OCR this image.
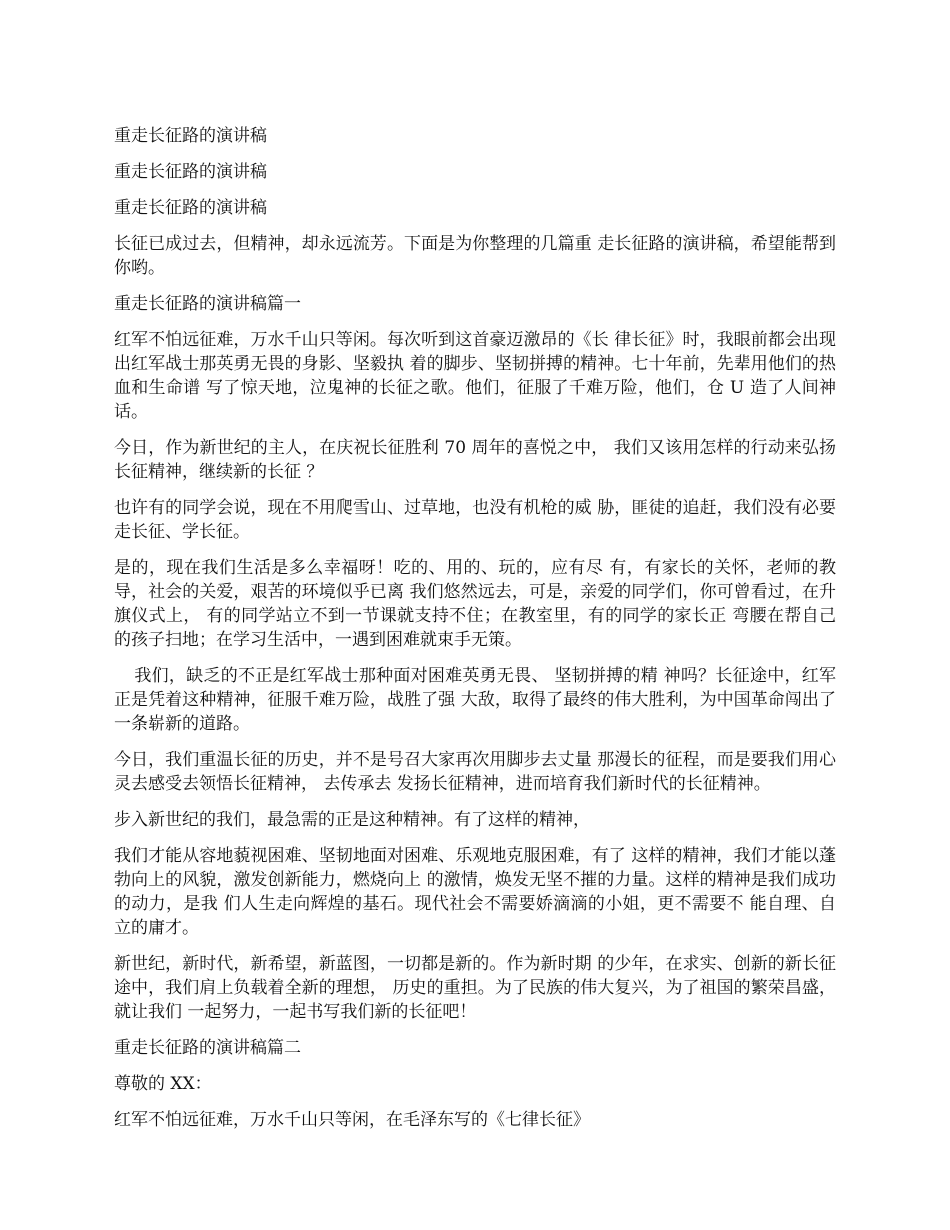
重走长征路的演讲稿

重走长征路的演讲稿

重走长征路的演讲稿

长征已成过去，但精神，却永远流芳。下面是为你整理的几篇重 走长征路的演讲稿，希望能帮到你哟。

重走长征路的演讲稿篇一

红军不怕远征难，万水千山只等闲。每次听到这首豪迈激昂的《长 律长征》时，我眼前都会出现出红军战士那英勇无畏的身影、坚毅执 着的脚步、坚韧拼搏的精神。七十年前，先辈用他们的热血和生命谱 写了惊天地，泣鬼神的长征之歌。他们，征服了千难万险，他们，仓 U 造了人间神话。

今日，作为新世纪的主人，在庆祝长征胜利 70 周年的喜悦之中， 我们又该用怎样的行动来弘扬长征精神，继续新的长征 ？

也许有的同学会说，现在不用爬雪山、过草地，也没有机枪的威 胁，匪徒的追赶，我们没有必要走长征、学长征。

是的，现在我们生活是多么幸福呀！吃的、用的、玩的，应有尽 有，有家长的关怀，老师的教导，社会的关爱，艰苦的环境似乎已离 我们悠然远去，可是，亲爱的同学们，你可曾看过，在升旗仪式上， 有的同学站立不到一节课就支持不住；在教室里，有的同学的家长正 弯腰在帮自己的孩子扫地；在学习生活中，一遇到困难就束手无策。

我们，缺乏的不正是红军战士那种面对困难英勇无畏、 坚韧拼搏的精 神吗？长征途中，红军正是凭着这种精神，征服千难万险，战胜了强 大敌，取得了最终的伟大胜利，为中国革命闯出了一条崭新的道路。

今日，我们重温长征的历史，并不是号召大家再次用脚步去丈量 那漫长的征程，而是要我们用心灵去感受去领悟长征精神， 去传承去 发扬长征精神，进而培育我们新时代的长征精神。

步入新世纪的我们，最急需的正是这种精神。有了这样的精神，

我们才能从容地藐视困难、坚韧地面对困难、乐观地克服困难，有了 这样的精神，我们才能以蓬勃向上的风貌，激发创新能力，燃烧向上 的激情，焕发无坚不摧的力量。这样的精神是我们成功的动力，是我 们人生走向辉煌的基石。现代社会不需要娇滴滴的小姐，更不需要不 能自理、自立的庸才。

新世纪，新时代，新希望，新蓝图，一切都是新的。作为新时期 的少年，在求实、创新的新长征途中，我们肩上负载着全新的理想， 历史的重担。为了民族的伟大复兴，为了祖国的繁荣昌盛，就让我们 一起努力，一起书写我们新的长征吧！

重走长征路的演讲稿篇二

尊敬的 XX：

红军不怕远征难，万水千山只等闲，在毛泽东写的《七律长征》
